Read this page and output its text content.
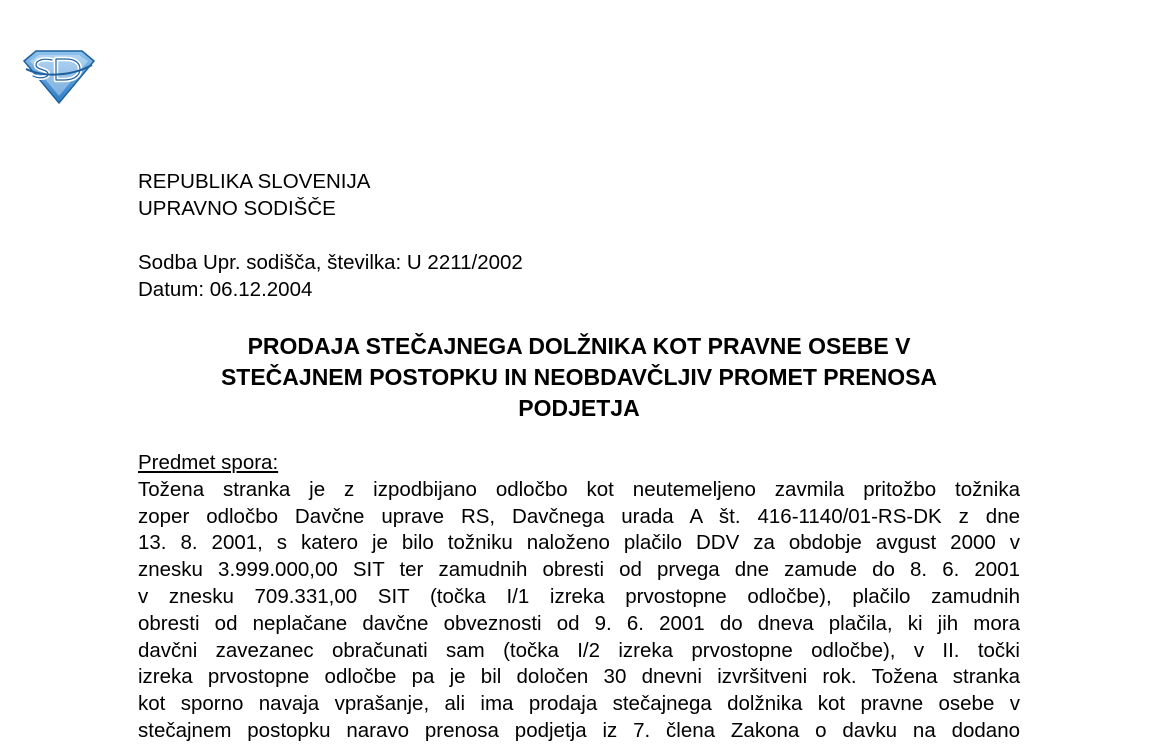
REPUBLIKA SLOVENIJA
UPRAVNO SODIŠČE
Sodba Upr. sodišča, številka: U 2211/2002
Datum: 06.12.2004
PRODAJA STEČAJNEGA DOLŽNIKA KOT PRAVNE OSEBE V
STEČAJNEM POSTOPKU IN NEOBDAVČLJIV PROMET PRENOSA
PODJETJA
Predmet spora:
Tožena stranka je z izpodbijano odločbo kot neutemeljeno zavmila pritožbo tožnika
zoper odločbo Davčne uprave RS, Davčnega urada A št. 416-1140/01-RS-DK z dne
13. 8. 2001, s katero je bilo tožniku naloženo plačilo DDV za obdobje avgust 2000 v
znesku 3.999.000,00 SIT ter zamudnih obresti od prvega dne zamude do 8. 6. 2001
v znesku 709.331,00 SIT (točka I/1 izreka prvostopne odločbe), plačilo zamudnih
obresti od neplačane davčne obveznosti od 9. 6. 2001 do dneva plačila, ki jih mora
davčni zavezanec obračunati sam (točka I/2 izreka prvostopne odločbe), v II. točki
izreka prvostopne odločbe pa je bil določen 30 dnevni izvršitveni rok. Tožena stranka
kot sporno navaja vprašanje, ali ima prodaja stečajnega dolžnika kot pravne osebe v
stečajnem postopku naravo prenosa podjetja iz 7. člena Zakona o davku na dodano
